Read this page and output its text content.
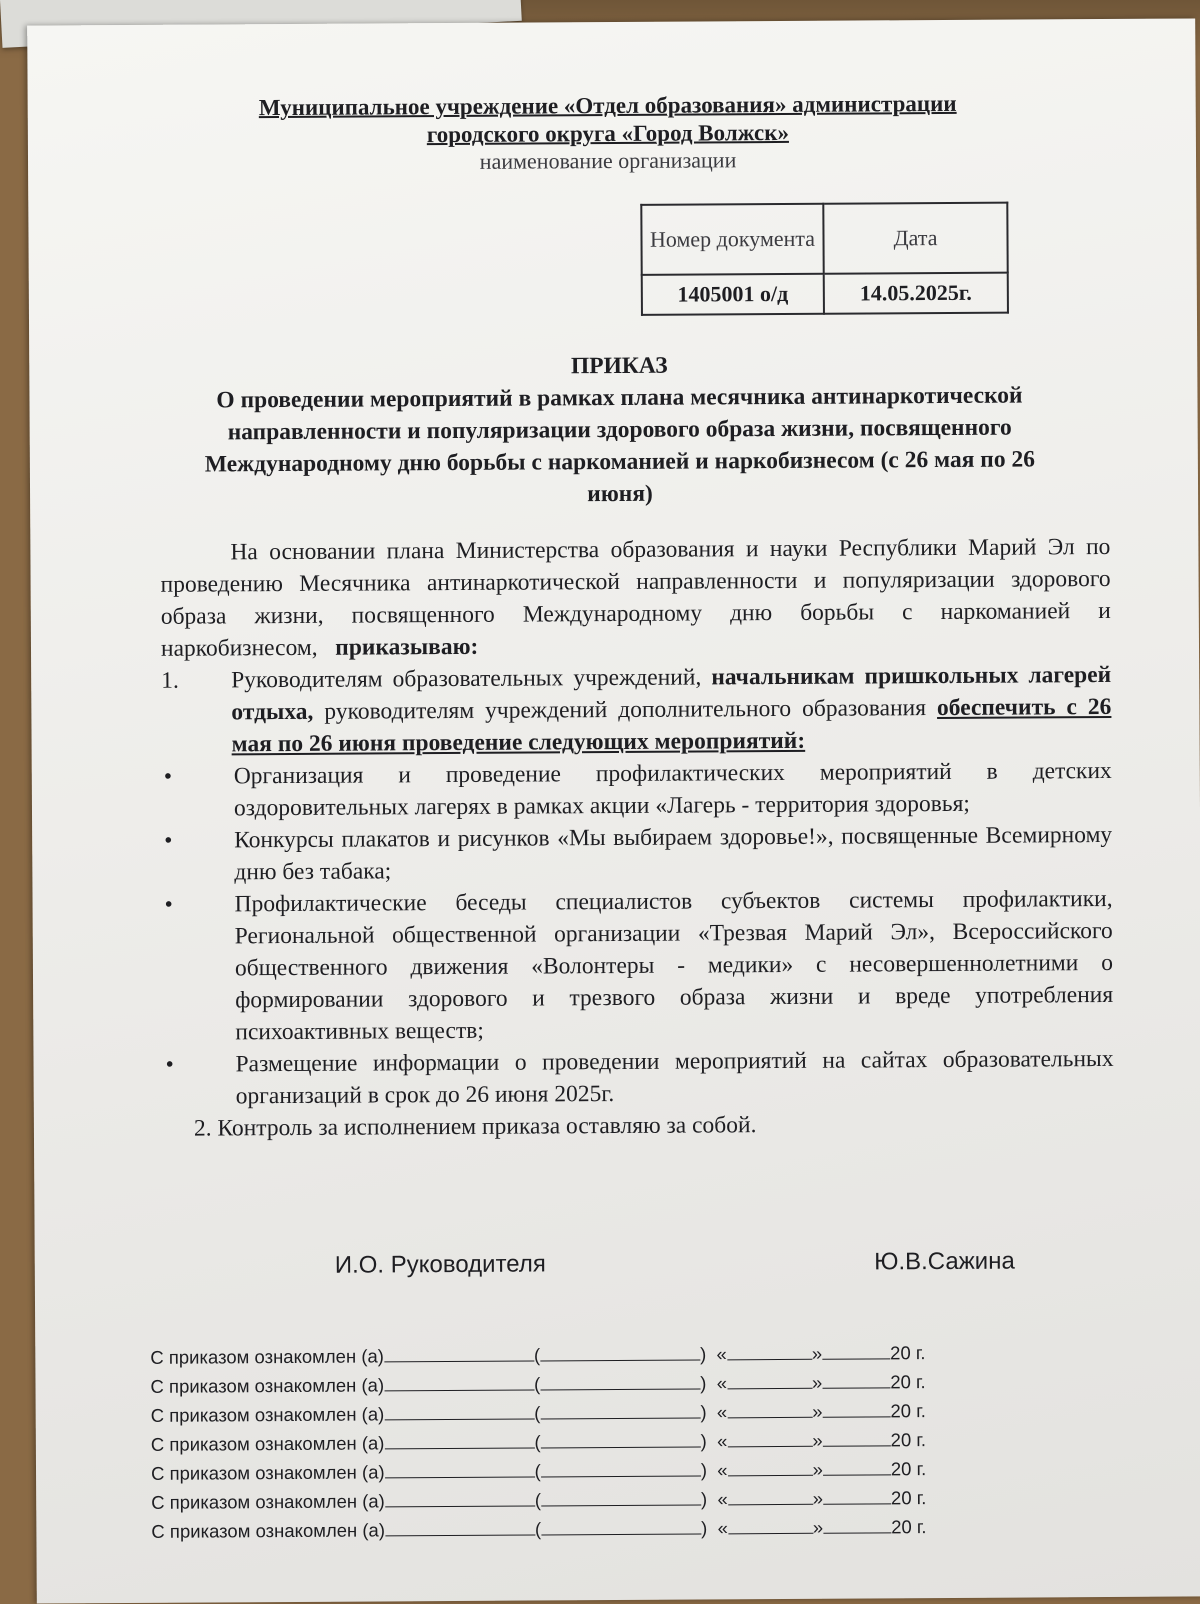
Муниципальное учреждение «Отдел образования» администрации
городского округа «Город Волжск»
наименование организации
Номер документа	Дата
1405001 о/д	14.05.2025г.
ПРИКАЗ
О проведении мероприятий в рамках плана месячника антинаркотической направленности и популяризации здорового образа жизни, посвященного Международному дню борьбы с наркоманией и наркобизнесом (с 26 мая по 26 июня)

На основании плана Министерства образования и науки Республики Марий Эл по проведению Месячника антинаркотической направленности и популяризации здорового образа жизни, посвященного Международному дню борьбы с наркоманией и наркобизнесом, приказываю:

1.	Руководителям образовательных учреждений, начальникам пришкольных лагерей отдыха, руководителям учреждений дополнительного образования обеспечить с 26 мая по 26 июня проведение следующих мероприятий:
•	Организация и проведение профилактических мероприятий в детских оздоровительных лагерях в рамках акции «Лагерь - территория здоровья;
•	Конкурсы плакатов и рисунков «Мы выбираем здоровье!», посвященные Всемирному дню без табака;
•	Профилактические беседы специалистов субъектов системы профилактики, Региональной общественной организации «Трезвая Марий Эл», Всероссийского общественного движения «Волонтеры - медики» с несовершеннолетними о формировании здорового и трезвого образа жизни и вреде употребления психоактивных веществ;
•	Размещение информации о проведении мероприятий на сайтах образовательных организаций в срок до 26 июня 2025г.

2. Контроль за исполнением приказа оставляю за собой.

И.О. Руководителя	Ю.В.Сажина
С приказом ознакомлен (а)	(	) «	»	20 г.
С приказом ознакомлен (а)	(	) «	»	20 г.
С приказом ознакомлен (а)	(	) «	»	20 г.
С приказом ознакомлен (а)	(	) «	»	20 г.
С приказом ознакомлен (а)	(	) «	»	20 г.
С приказом ознакомлен (а)	(	) «	»	20 г.
С приказом ознакомлен (а)	(	) «	»	20 г.
